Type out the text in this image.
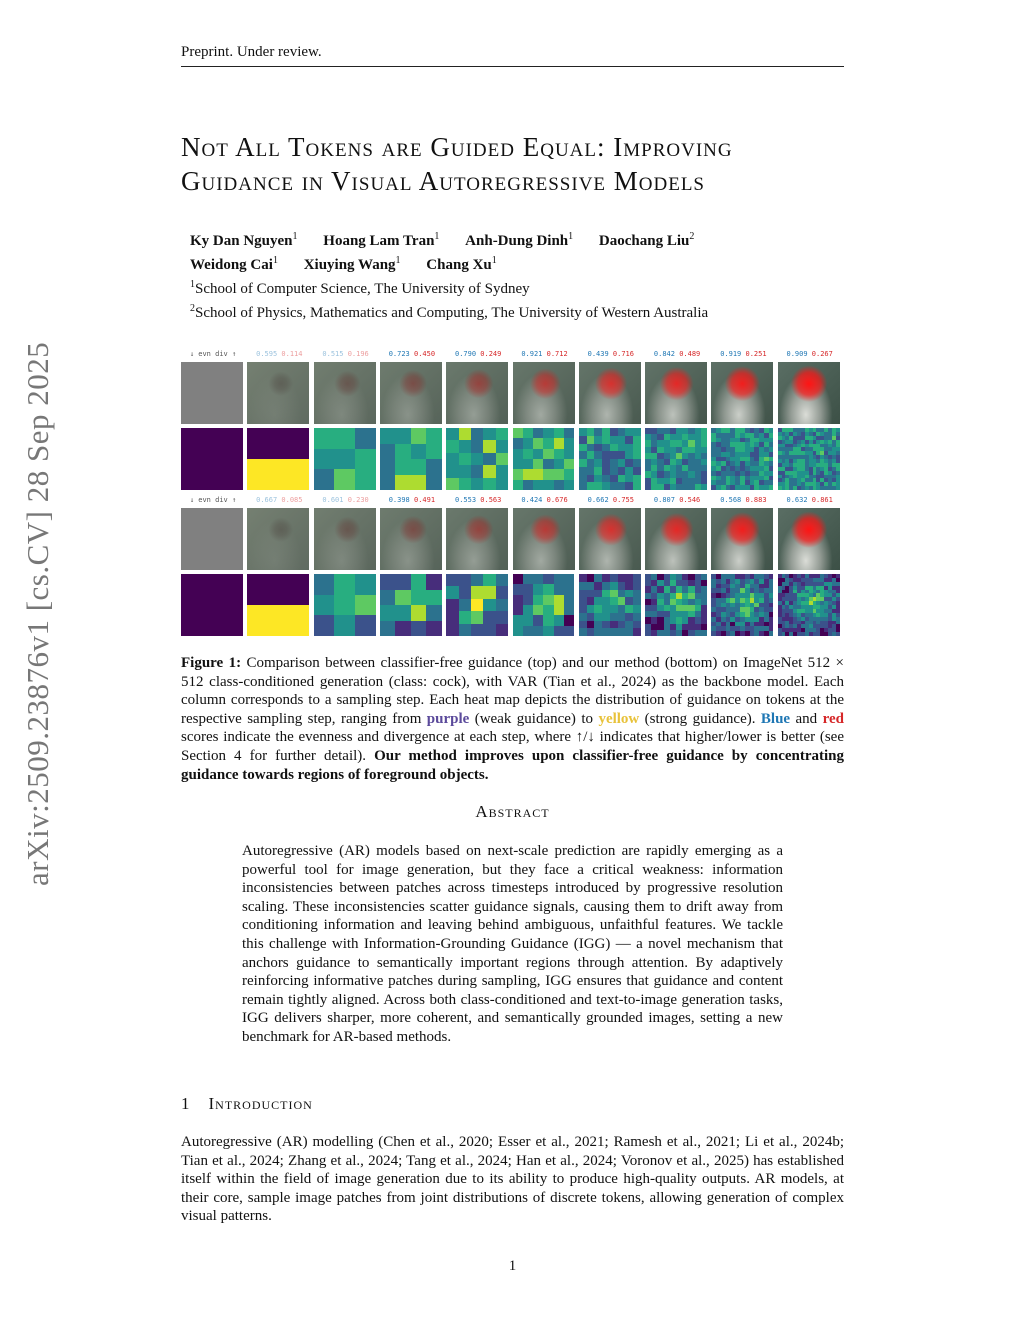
Preprint. Under review.
arXiv:2509.23876v1 [cs.CV] 28 Sep 2025
Not All Tokens are Guided Equal: Improving
Guidance in Visual Autoregressive Models
Ky Dan Nguyen$^1$ Hoang Lam Tran$^1$ Anh-Dung Dinh$^1$ Daochang Liu$^2$
Weidong Cai$^1$ Xiuying Wang$^1$ Chang Xu$^1$
$^1$School of Computer Science, The University of Sydney
$^2$School of Physics, Mathematics and Computing, The University of Western Australia
↓ evn div ↑	0.595 0.114	0.515 0.196	0.723 0.450	0.790 0.249	0.921 0.712	0.439 0.716	0.842 0.489	0.919 0.251	0.909 0.267
↓ evn div ↑	0.667 0.085	0.601 0.230	0.398 0.491	0.553 0.563	0.424 0.676	0.662 0.755	0.807 0.546	0.568 0.883	0.632 0.861
Figure 1: Comparison between classifier-free guidance (top) and our method (bottom) on ImageNet 512 × 512 class-conditioned generation (class: cock), with VAR (Tian et al., 2024) as the backbone model. Each column corresponds to a sampling step. Each heat map depicts the distribution of guidance on tokens at the respective sampling step, ranging from purple (weak guidance) to yellow (strong guidance). Blue and red scores indicate the evenness and divergence at each step, where ↑/↓ indicates that higher/lower is better (see Section 4 for further detail). Our method improves upon classifier-free guidance by concentrating guidance towards regions of foreground objects.
Abstract
Autoregressive (AR) models based on next-scale prediction are rapidly emerging as a powerful tool for image generation, but they face a critical weakness: information inconsistencies between patches across timesteps introduced by progressive resolution scaling. These inconsistencies scatter guidance signals, causing them to drift away from conditioning information and leaving behind ambiguous, unfaithful features. We tackle this challenge with Information-Grounding Guidance (IGG) — a novel mechanism that anchors guidance to semantically important regions through attention. By adaptively reinforcing informative patches during sampling, IGG ensures that guidance and content remain tightly aligned. Across both class-conditioned and text-to-image generation tasks, IGG delivers sharper, more coherent, and semantically grounded images, setting a new benchmark for AR-based methods.
1 Introduction
Autoregressive (AR) modelling (Chen et al., 2020; Esser et al., 2021; Ramesh et al., 2021; Li et al., 2024b; Tian et al., 2024; Zhang et al., 2024; Tang et al., 2024; Han et al., 2024; Voronov et al., 2025) has established itself within the field of image generation due to its ability to produce high-quality outputs. AR models, at their core, sample image patches from joint distributions of discrete tokens, allowing generation of complex visual patterns.
1
